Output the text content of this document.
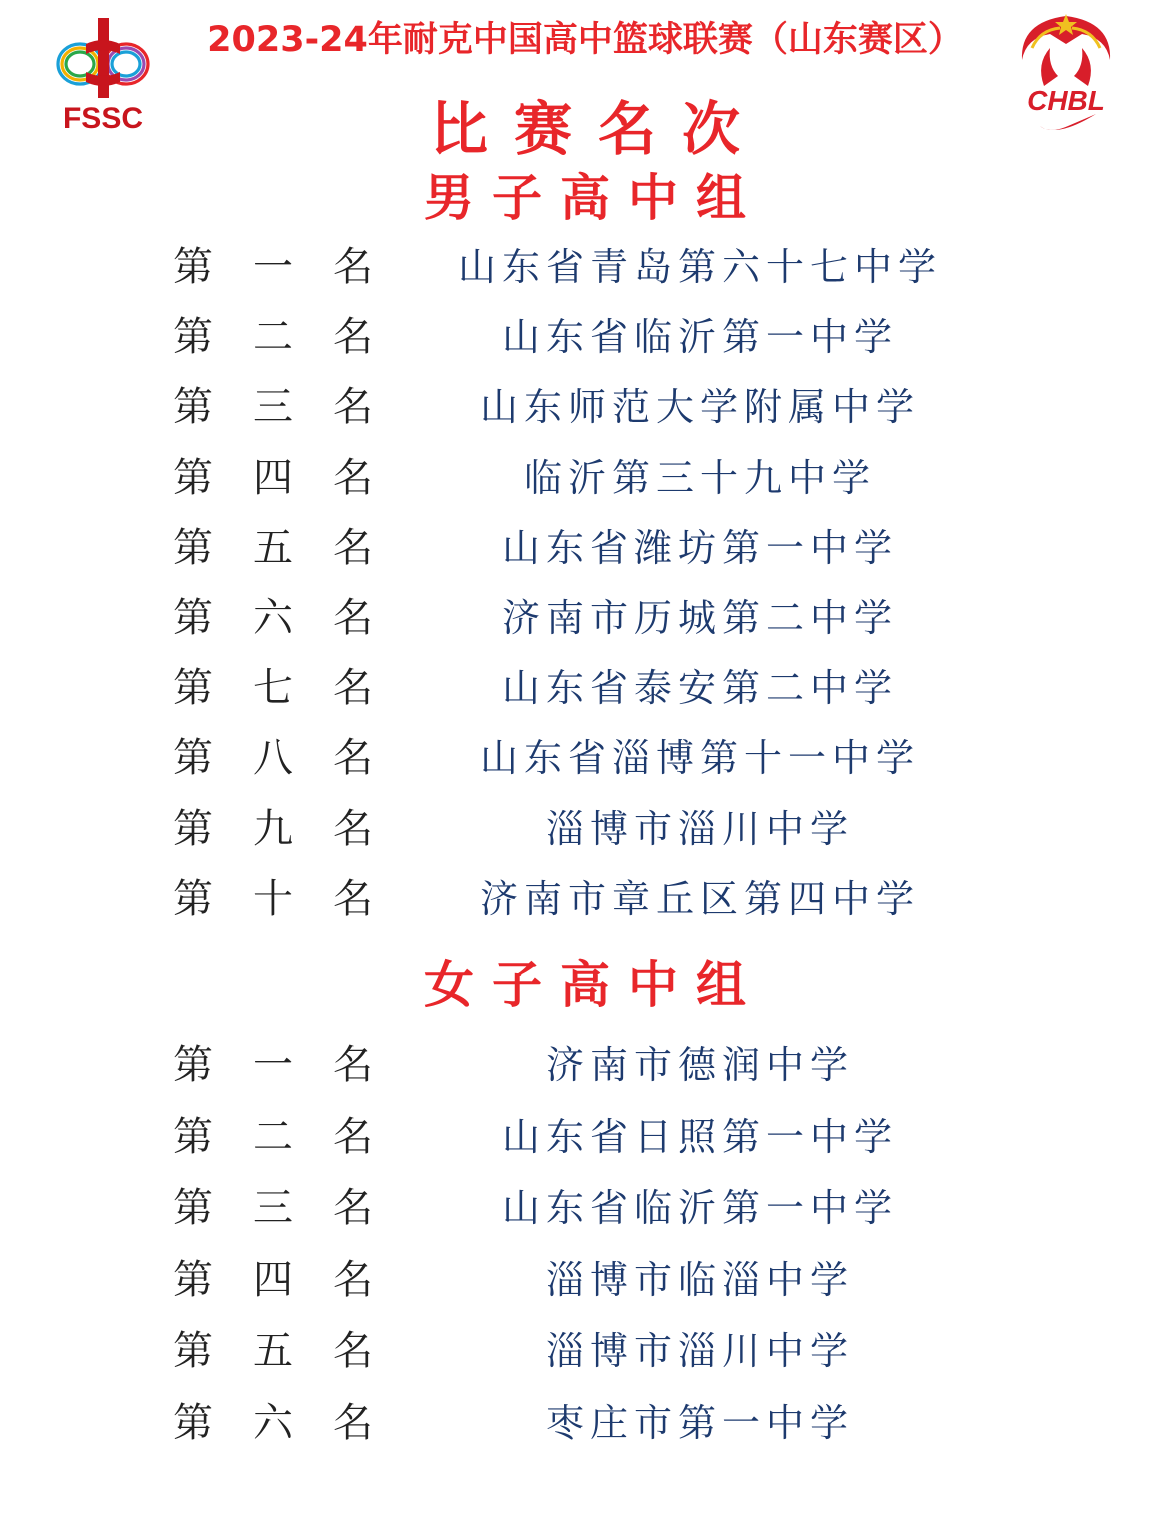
FSSC
CHBL
2023-24年耐克中国高中篮球联赛（山东赛区）
比赛名次
男子高中组
第 一 名	山东省青岛第六十七中学
第 二 名	山东省临沂第一中学
第 三 名	山东师范大学附属中学
第 四 名	临沂第三十九中学
第 五 名	山东省潍坊第一中学
第 六 名	济南市历城第二中学
第 七 名	山东省泰安第二中学
第 八 名	山东省淄博第十一中学
第 九 名	淄博市淄川中学
第 十 名	济南市章丘区第四中学
女子高中组
第 一 名	济南市德润中学
第 二 名	山东省日照第一中学
第 三 名	山东省临沂第一中学
第 四 名	淄博市临淄中学
第 五 名	淄博市淄川中学
第 六 名	枣庄市第一中学
